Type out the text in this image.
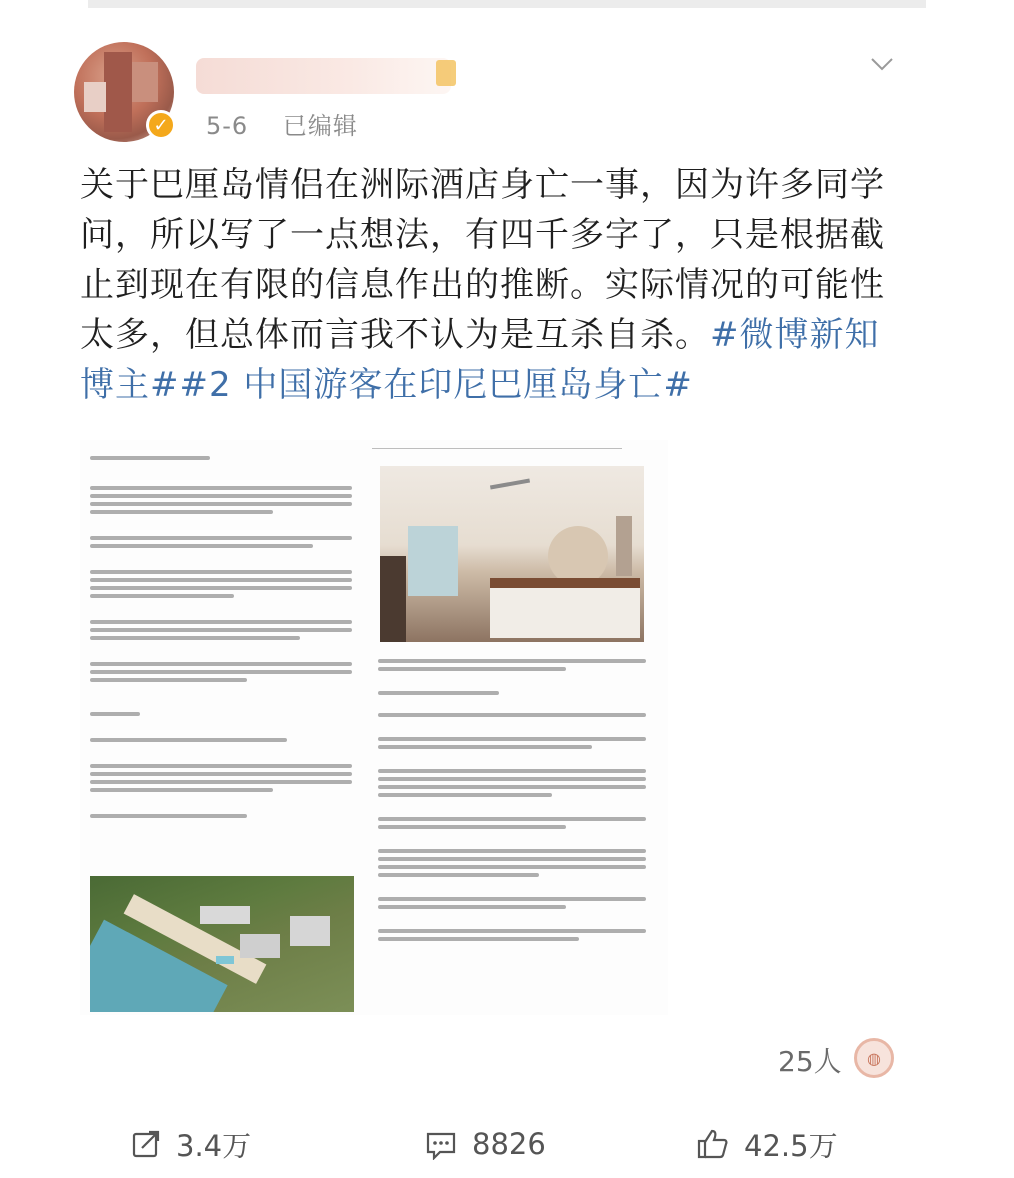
✓	5-6 已编辑

关于巴厘岛情侣在洲际酒店身亡一事，因为许多同学问，所以写了一点想法，有四千多字了，只是根据截止到现在有限的信息作出的推断。实际情况的可能性太多，但总体而言我不认为是互杀自杀。#微博新知博主##2 中国游客在印尼巴厘岛身亡#

25人	◍
3.4万	8826	42.5万
